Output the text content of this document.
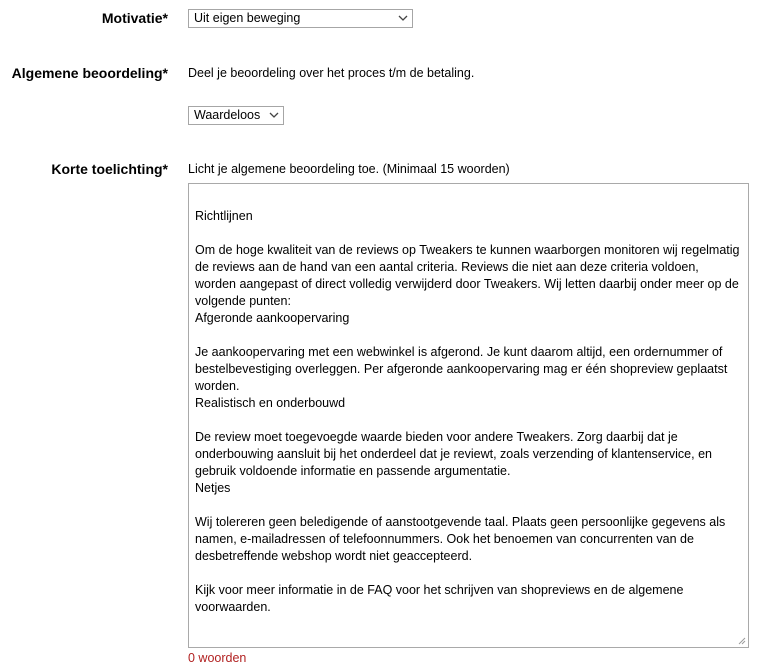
Motivatie*	Uit eigen beweging
Algemene beoordeling* Deel je beoordeling over het proces t/m de betaling.
Waardeloos
Korte toelichting* Licht je algemene beoordeling toe. (Minimaal 15 woorden)
Richtlijnen

Om de hoge kwaliteit van de reviews op Tweakers te kunnen waarborgen monitoren wij regelmatig de reviews aan de hand van een aantal criteria. Reviews die niet aan deze criteria voldoen, worden aangepast of direct volledig verwijderd door Tweakers. Wij letten daarbij onder meer op de volgende punten:
Afgeronde aankoopervaring

Je aankoopervaring met een webwinkel is afgerond. Je kunt daarom altijd, een ordernummer of bestelbevestiging overleggen. Per afgeronde aankoopervaring mag er één shopreview geplaatst worden.
Realistisch en onderbouwd

De review moet toegevoegde waarde bieden voor andere Tweakers. Zorg daarbij dat je onderbouwing aansluit bij het onderdeel dat je reviewt, zoals verzending of klantenservice, en gebruik voldoende informatie en passende argumentatie.
Netjes

Wij tolereren geen beledigende of aanstootgevende taal. Plaats geen persoonlijke gegevens als namen, e-mailadressen of telefoonnummers. Ook het benoemen van concurrenten van de desbetreffende webshop wordt niet geaccepteerd.

Kijk voor meer informatie in de FAQ voor het schrijven van shopreviews en de algemene voorwaarden.
0 woorden
